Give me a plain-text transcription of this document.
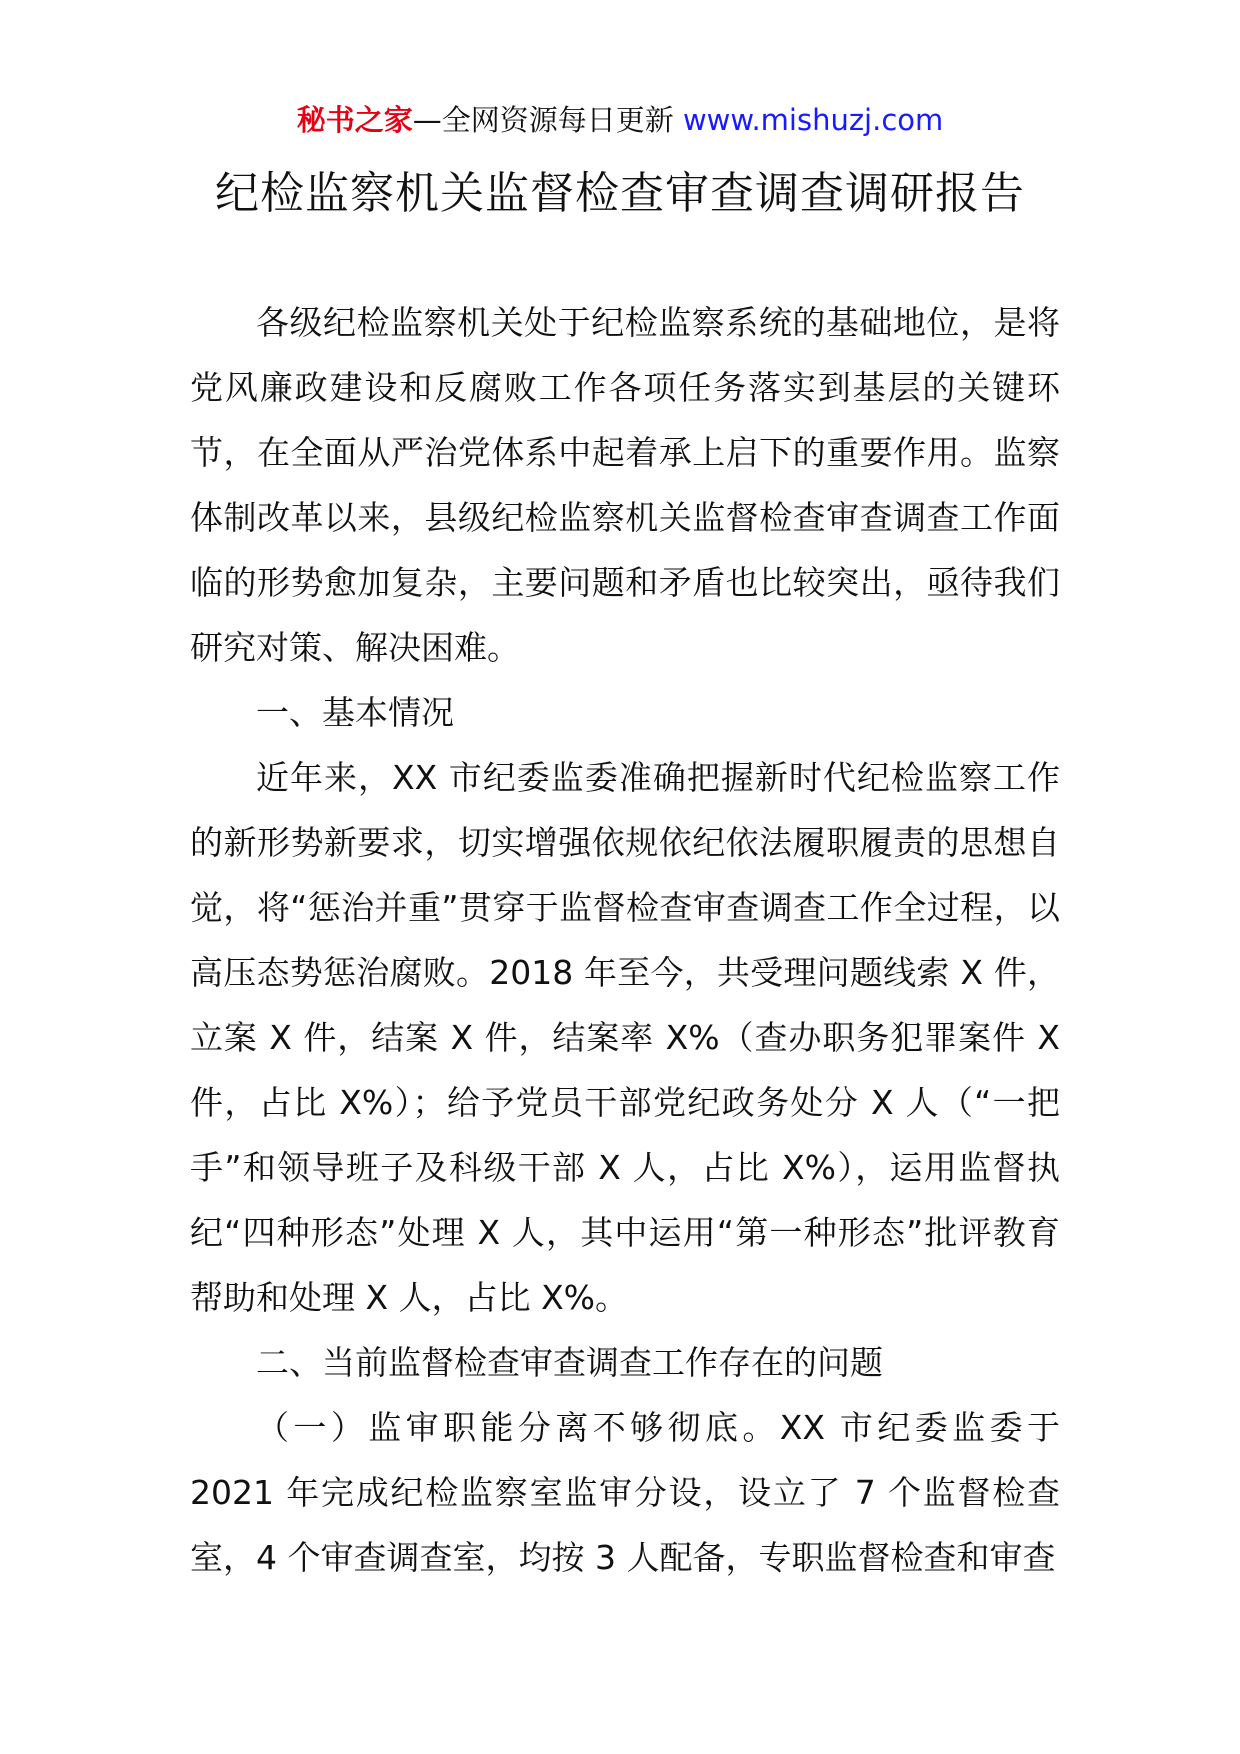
秘书之家—全网资源每日更新 www.mishuzj.com
纪检监察机关监督检查审查调查调研报告

各级纪检监察机关处于纪检监察系统的基础地位，是将党风廉政建设和反腐败工作各项任务落实到基层的关键环节，在全面从严治党体系中起着承上启下的重要作用。监察体制改革以来，县级纪检监察机关监督检查审查调查工作面临的形势愈加复杂，主要问题和矛盾也比较突出，亟待我们研究对策、解决困难。

一、基本情况

近年来，XX 市纪委监委准确把握新时代纪检监察工作的新形势新要求，切实增强依规依纪依法履职履责的思想自觉，将“惩治并重”贯穿于监督检查审查调查工作全过程，以高压态势惩治腐败。2018 年至今，共受理问题线索 X 件，立案 X 件，结案 X 件，结案率 X%（查办职务犯罪案件 X 件，占比 X%）；给予党员干部党纪政务处分 X 人（“一把手”和领导班子及科级干部 X 人，占比 X%），运用监督执纪“四种形态”处理 X 人，其中运用“第一种形态”批评教育帮助和处理 X 人，占比 X%。

二、当前监督检查审查调查工作存在的问题

（一）监审职能分离不够彻底。XX 市纪委监委于 2021 年完成纪检监察室监审分设，设立了 7 个监督检查室，4 个审查调查室，均按 3 人配备，专职监督检查和审查
